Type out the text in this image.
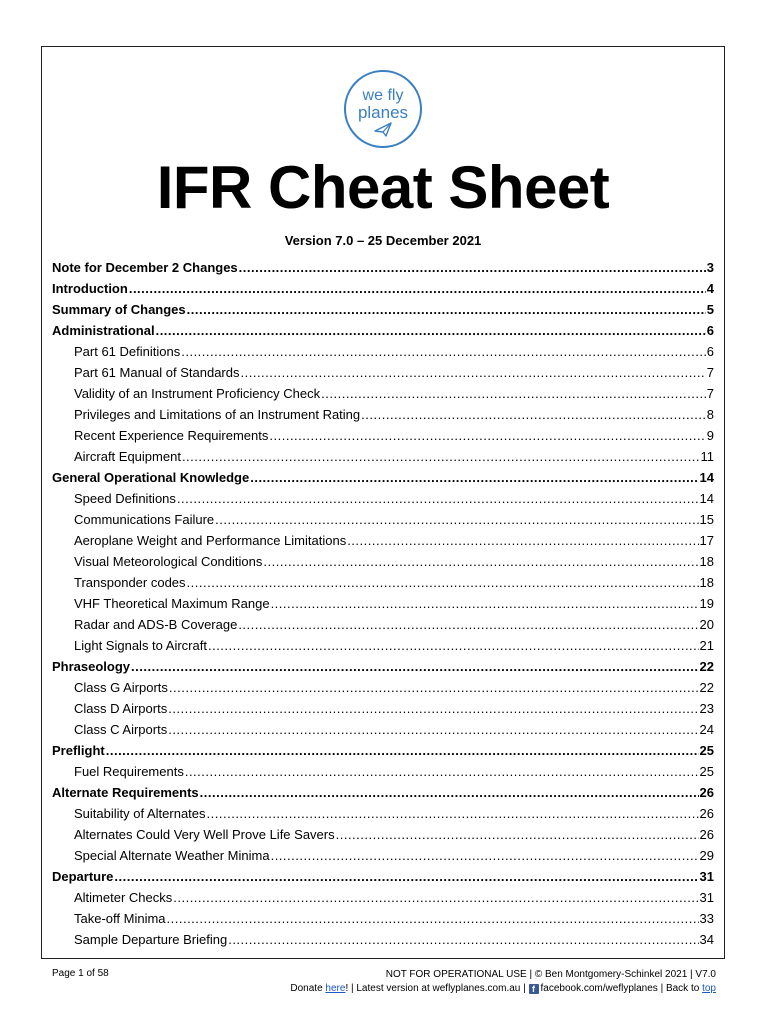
we fly
planes
IFR Cheat Sheet
Version 7.0 – 25 December 2021
Note for December 2 Changes .....	3
Introduction .....	4
Summary of Changes .....	5
Administrational .....	6
Part 61 Definitions .....	6
Part 61 Manual of Standards .....	7
Validity of an Instrument Proficiency Check .....	7
Privileges and Limitations of an Instrument Rating .....	8
Recent Experience Requirements .....	9
Aircraft Equipment .....	11
General Operational Knowledge .....	14
Speed Definitions .....	14
Communications Failure .....	15
Aeroplane Weight and Performance Limitations .....	17
Visual Meteorological Conditions .....	18
Transponder codes .....	18
VHF Theoretical Maximum Range .....	19
Radar and ADS-B Coverage .....	20
Light Signals to Aircraft .....	21
Phraseology .....	22
Class G Airports .....	22
Class D Airports .....	23
Class C Airports .....	24
Preflight .....	25
Fuel Requirements .....	25
Alternate Requirements .....	26
Suitability of Alternates .....	26
Alternates Could Very Well Prove Life Savers .....	26
Special Alternate Weather Minima .....	29
Departure .....	31
Altimeter Checks .....	31
Take-off Minima .....	33
Sample Departure Briefing .....	34
Page 1 of 58	NOT FOR OPERATIONAL USE | © Ben Montgomery-Schinkel 2021 | V7.0
Donate here! | Latest version at weflyplanes.com.au | f facebook.com/weflyplanes | Back to top
